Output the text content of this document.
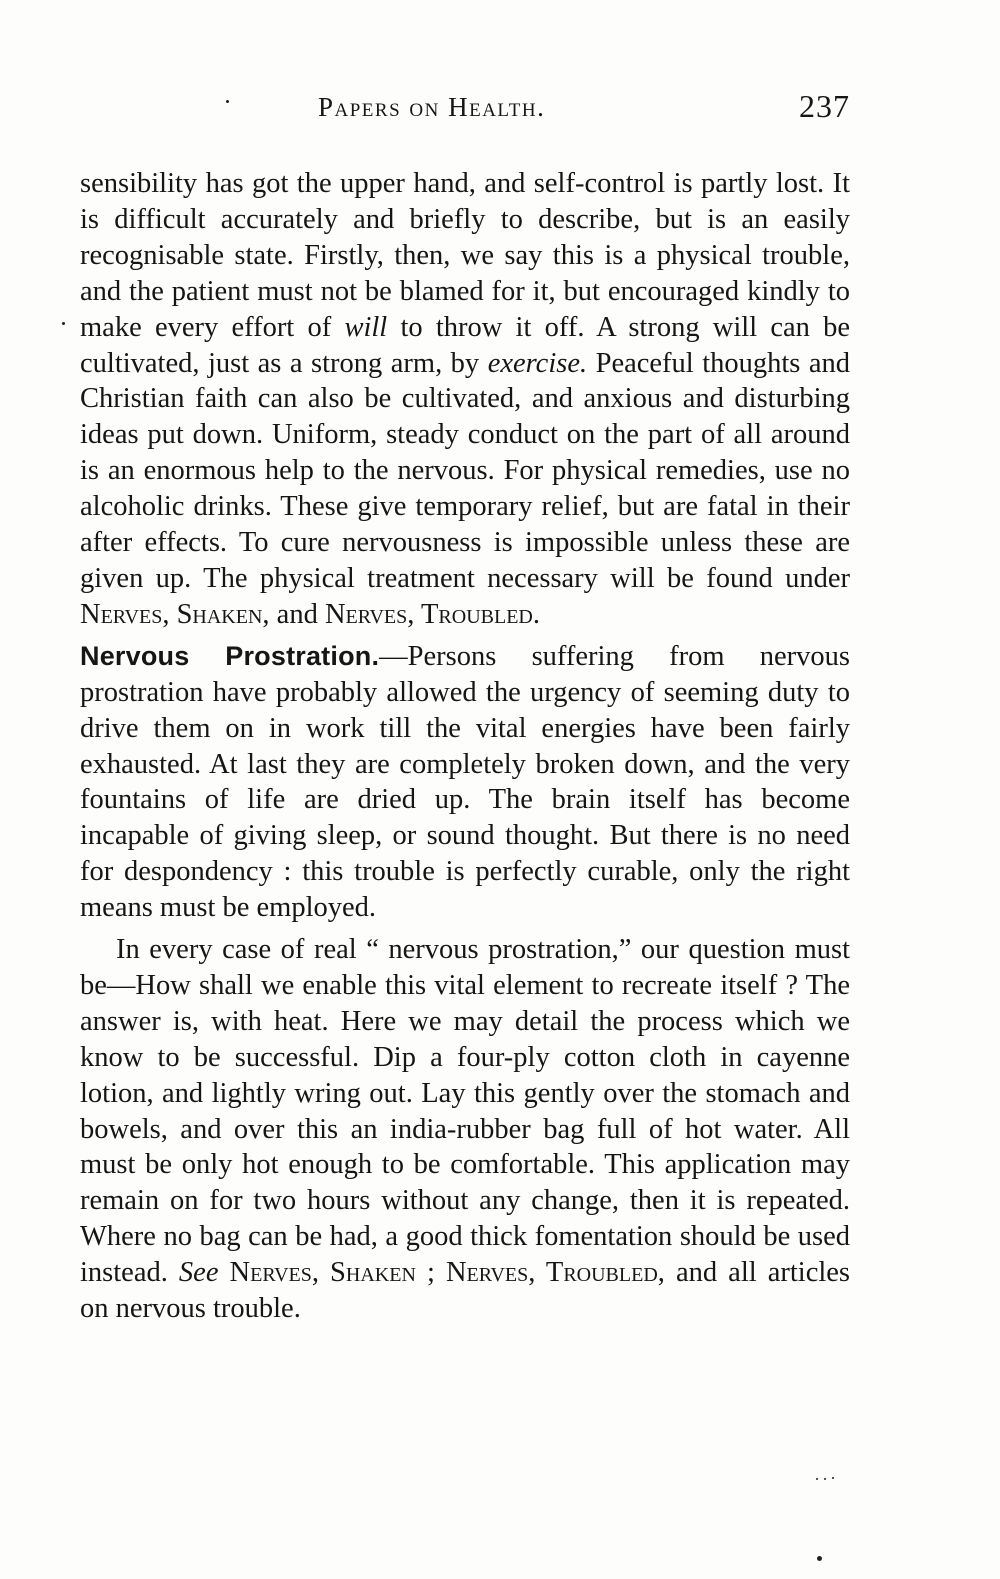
Papers on Health.	237

sensibility has got the upper hand, and self-control is partly lost. It is difficult accurately and briefly to describe, but is an easily recognisable state. Firstly, then, we say this is a physical trouble, and the patient must not be blamed for it, but encouraged kindly to make every effort of will to throw it off. A strong will can be cultivated, just as a strong arm, by exercise. Peaceful thoughts and Christian faith can also be cultivated, and anxious and disturbing ideas put down. Uniform, steady conduct on the part of all around is an enormous help to the nervous. For physical remedies, use no alcoholic drinks. These give temporary relief, but are fatal in their after effects. To cure nervousness is impossible unless these are given up. The physical treatment necessary will be found under Nerves, Shaken, and Nerves, Troubled.

Nervous Prostration.—Persons suffering from nervous prostration have probably allowed the urgency of seeming duty to drive them on in work till the vital energies have been fairly exhausted. At last they are completely broken down, and the very fountains of life are dried up. The brain itself has become incapable of giving sleep, or sound thought. But there is no need for despondency : this trouble is perfectly curable, only the right means must be employed.

In every case of real “ nervous prostration,” our question must be—How shall we enable this vital element to recreate itself ? The answer is, with heat. Here we may detail the process which we know to be successful. Dip a four-ply cotton cloth in cayenne lotion, and lightly wring out. Lay this gently over the stomach and bowels, and over this an india-rubber bag full of hot water. All must be only hot enough to be comfortable. This application may remain on for two hours without any change, then it is repeated. Where no bag can be had, a good thick fomentation should be used instead. See Nerves, Shaken ; Nerves, Troubled, and all articles on nervous trouble.
